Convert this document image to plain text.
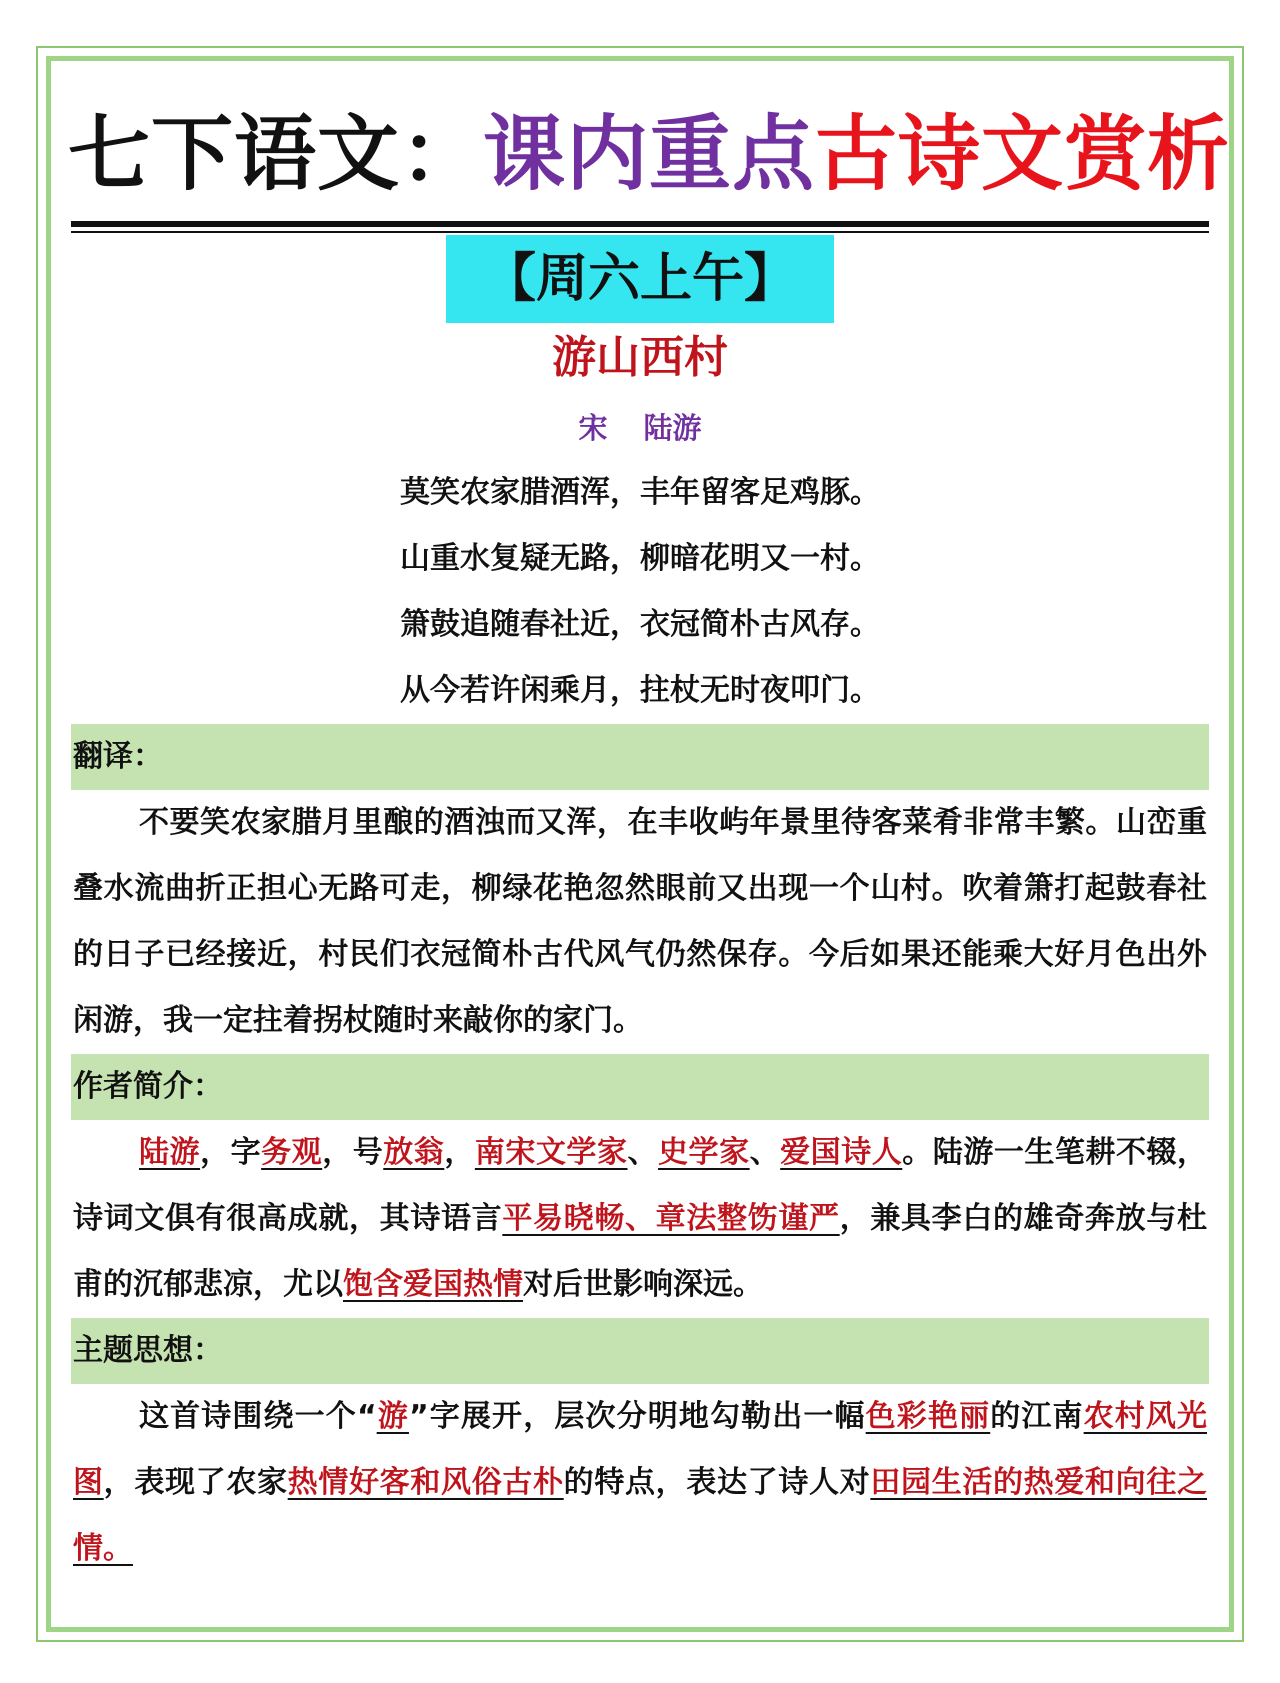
七下语文：课内重点古诗文赏析
【周六上午】
游山西村
宋 陆游
莫笑农家腊酒浑，丰年留客足鸡豚。
山重水复疑无路，柳暗花明又一村。
箫鼓追随春社近，衣冠简朴古风存。
从今若许闲乘月，拄杖无时夜叩门。
翻译：

不要笑农家腊月里酿的酒浊而又浑，在丰收屿年景里待客菜肴非常丰繁。山峦重叠水流曲折正担心无路可走，柳绿花艳忽然眼前又出现一个山村。吹着箫打起鼓春社的日子已经接近，村民们衣冠简朴古代风气仍然保存。今后如果还能乘大好月色出外闲游，我一定拄着拐杖随时来敲你的家门。

作者简介：

陆游，字务观，号放翁，南宋文学家、史学家、爱国诗人。陆游一生笔耕不辍，诗词文俱有很高成就，其诗语言平易晓畅、章法整饬谨严，兼具李白的雄奇奔放与杜甫的沉郁悲凉，尤以饱含爱国热情对后世影响深远。

主题思想：

这首诗围绕一个“游”字展开，层次分明地勾勒出一幅色彩艳丽的江南农村风光图，表现了农家热情好客和风俗古朴的特点，表达了诗人对田园生活的热爱和向往之情。
